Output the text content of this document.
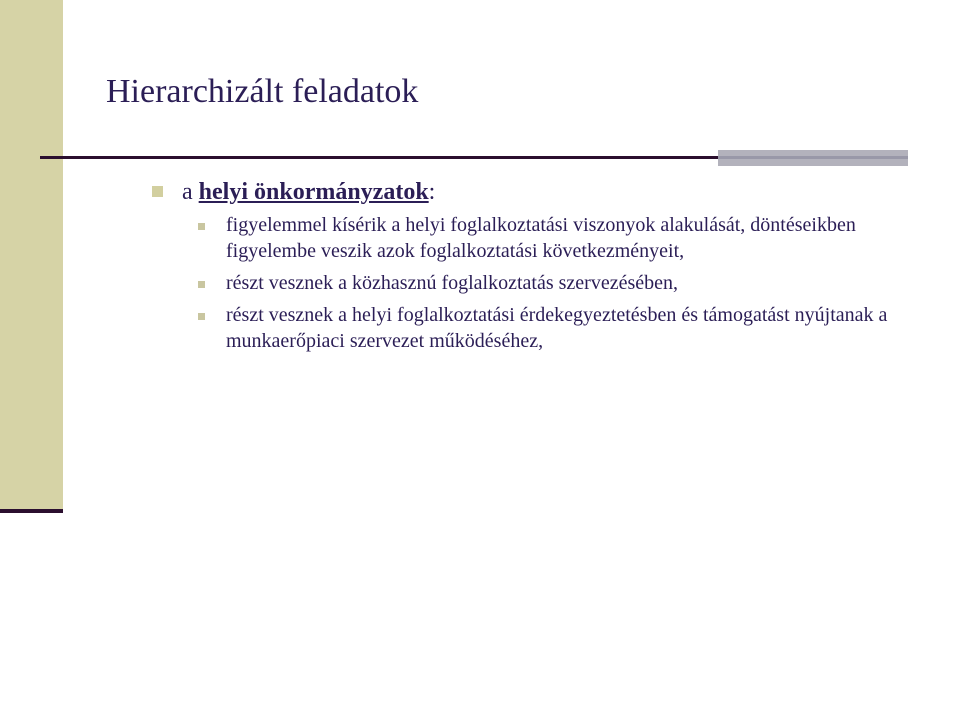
Hierarchizált feladatok
a helyi önkormányzatok:
figyelemmel kísérik a helyi foglalkoztatási viszonyok alakulását, döntéseikben figyelembe veszik azok foglalkoztatási következményeit,
részt vesznek a közhasznú foglalkoztatás szervezésében,
részt vesznek a helyi foglalkoztatási érdekegyeztetésben és támogatást nyújtanak a munkaerőpiaci szervezet működéséhez,
